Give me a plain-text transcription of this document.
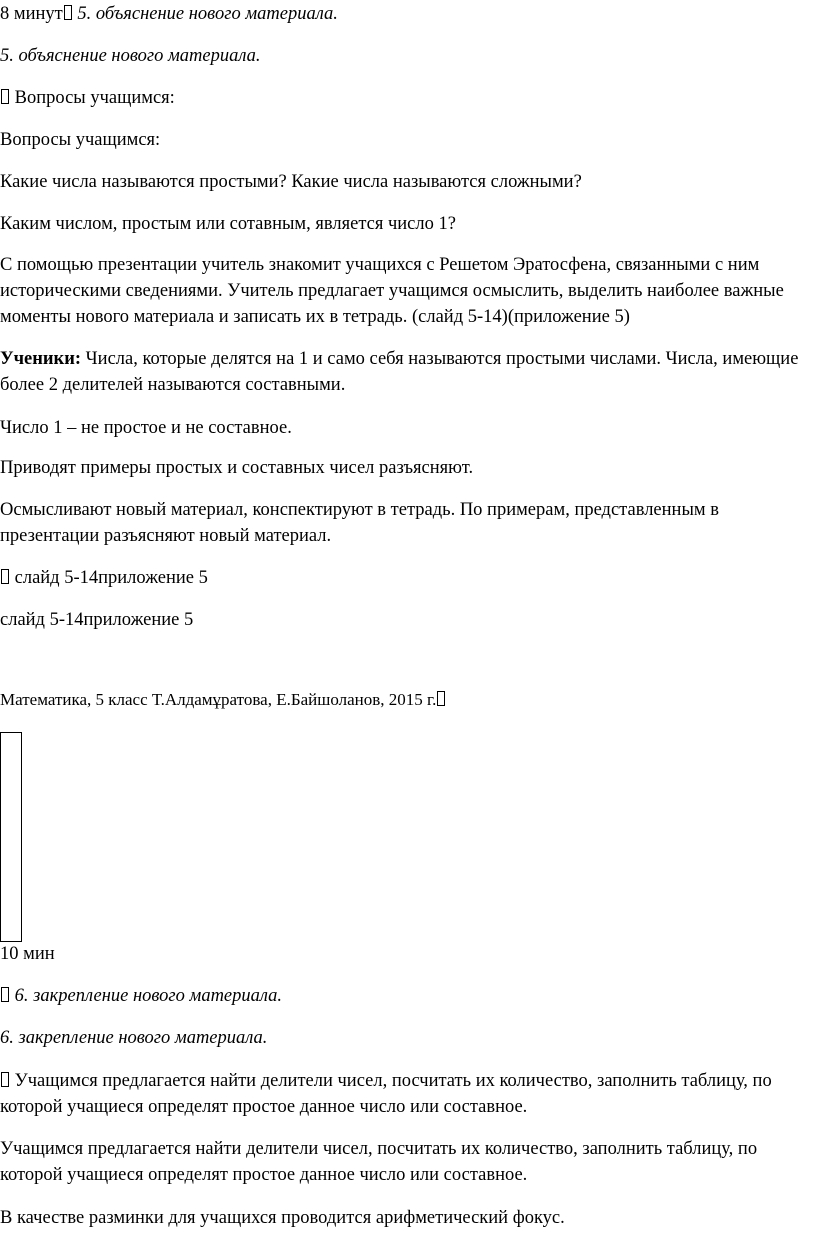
8 минут 5. объяснение нового материала.
5. объяснение нового материала.
Вопросы учащимся:
Вопросы учащимся:
Какие числа называются простыми? Какие числа называются сложными?
Каким числом, простым или сотавным, является число 1?
С помощью презентации учитель знакомит учащихся с Решетом Эратосфена, связанными с ним историческими сведениями. Учитель предлагает учащимся осмыслить, выделить наиболее важные моменты нового материала и записать их в тетрадь. (слайд 5-14)(приложение 5)
Ученики: Числа, которые делятся на 1 и само себя называются простыми числами. Числа, имеющие более 2 делителей называются составными.
Число 1 – не простое и не составное.
Приводят примеры простых и составных чисел разъясняют.
Осмысливают новый материал, конспектируют в тетрадь. По примерам, представленным в презентации разъясняют новый материал.
слайд 5-14приложение 5
слайд 5-14приложение 5
Математика, 5 класс Т.Алдамұратова, Е.Байшоланов, 2015 г.
10 мин
6. закрепление нового материала.
6. закрепление нового материала.
Учащимся предлагается найти делители чисел, посчитать их количество, заполнить таблицу, по которой учащиеся определят простое данное число или составное.
Учащимся предлагается найти делители чисел, посчитать их количество, заполнить таблицу, по которой учащиеся определят простое данное число или составное.
В качестве разминки для учащихся проводится арифметический фокус.
